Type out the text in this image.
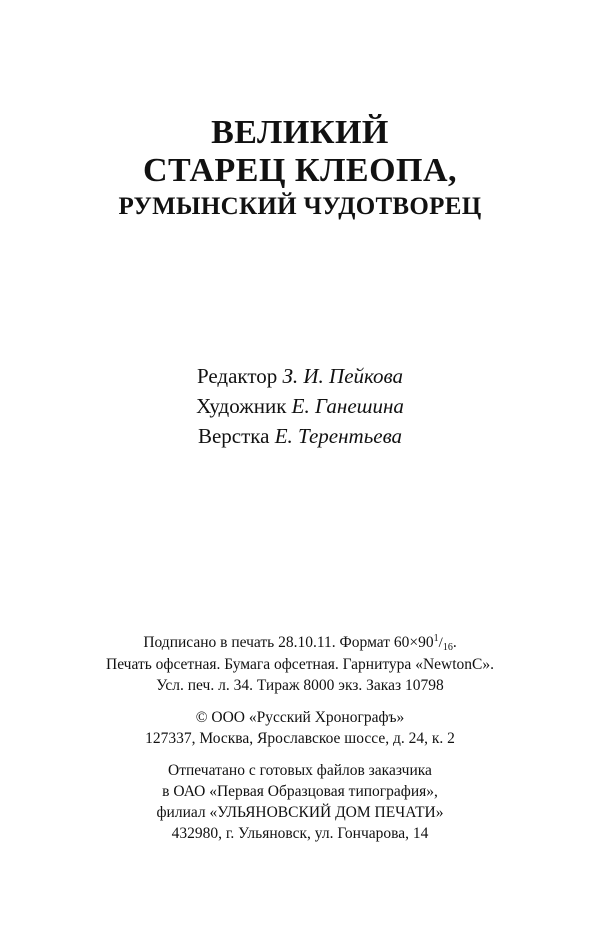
ВЕЛИКИЙ
СТАРЕЦ КЛЕОПА,
РУМЫНСКИЙ ЧУДОТВОРЕЦ
Редактор З. И. Пейкова
Художник Е. Ганешина
Верстка Е. Терентьева
Подписано в печать 28.10.11. Формат $60\times 90^1/16$.
Печать офсетная. Бумага офсетная. Гарнитура «NewtonC».
Усл. печ. л. 34. Тираж 8000 экз. Заказ 10798
© ООО «Русский Хронографъ»
127337, Москва, Ярославское шоссе, д. 24, к. 2
Отпечатано с готовых файлов заказчика
в ОАО «Первая Образцовая типография»,
филиал «УЛЬЯНОВСКИЙ ДОМ ПЕЧАТИ»
432980, г. Ульяновск, ул. Гончарова, 14
